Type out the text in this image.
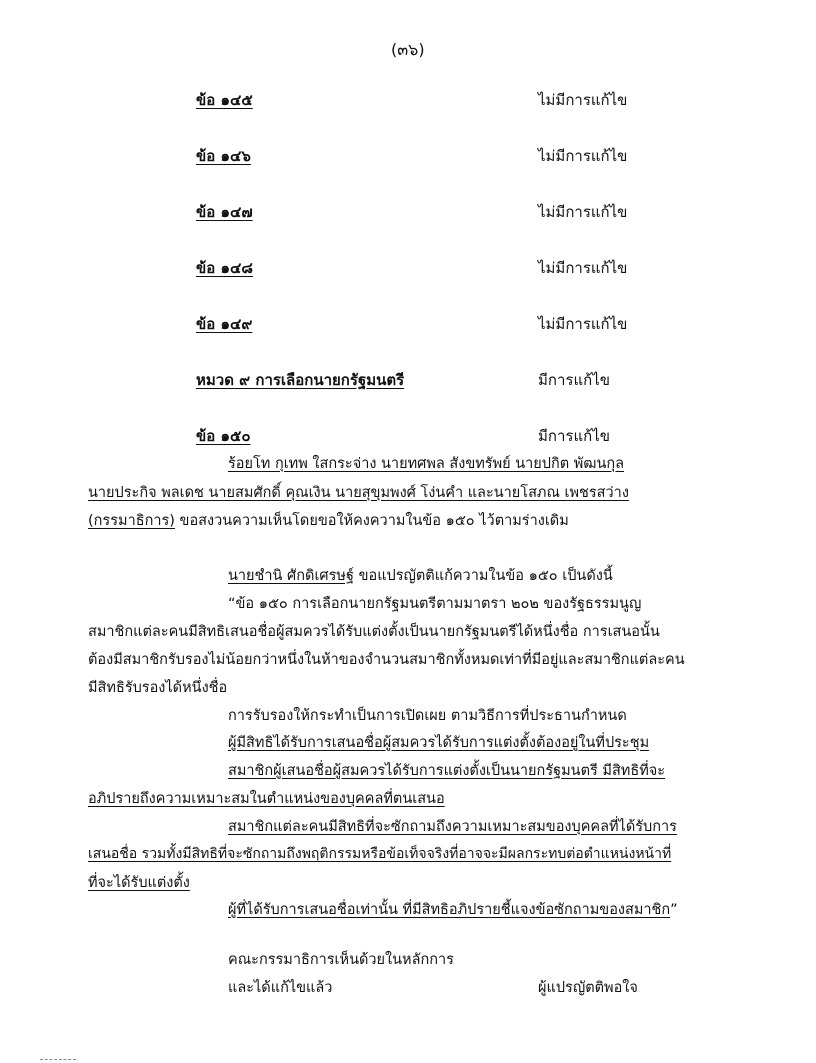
(๓๖)
ข้อ ๑๔๕	ไม่มีการแก้ไข
ข้อ ๑๔๖	ไม่มีการแก้ไข
ข้อ ๑๔๗	ไม่มีการแก้ไข
ข้อ ๑๔๘	ไม่มีการแก้ไข
ข้อ ๑๔๙	ไม่มีการแก้ไข
หมวด ๙ การเลือกนายกรัฐมนตรี	มีการแก้ไข
ข้อ ๑๕๐	มีการแก้ไข
ร้อยโท กุเทพ ใสกระจ่าง นายทศพล สังขทรัพย์ นายปกิต พัฒนกุล
นายประกิจ พลเดช นายสมศักดิ์ คุณเงิน นายสุขุมพงศ์ โง่นคำ และนายโสภณ เพชรสว่าง
(กรรมาธิการ) ขอสงวนความเห็นโดยขอให้คงความในข้อ ๑๕๐ ไว้ตามร่างเดิม
นายชำนิ ศักดิเศรษฐ์ ขอแปรญัตติแก้ความในข้อ ๑๕๐ เป็นดังนี้
“ข้อ ๑๕๐ การเลือกนายกรัฐมนตรีตามมาตรา ๒๐๒ ของรัฐธรรมนูญ
สมาชิกแต่ละคนมีสิทธิเสนอชื่อผู้สมควรได้รับแต่งตั้งเป็นนายกรัฐมนตรีได้หนึ่งชื่อ การเสนอนั้น
ต้องมีสมาชิกรับรองไม่น้อยกว่าหนึ่งในห้าของจำนวนสมาชิกทั้งหมดเท่าที่มีอยู่และสมาชิกแต่ละคน
มีสิทธิรับรองได้หนึ่งชื่อ
การรับรองให้กระทำเป็นการเปิดเผย ตามวิธีการที่ประธานกำหนด
ผู้มีสิทธิได้รับการเสนอชื่อผู้สมควรได้รับการแต่งตั้งต้องอยู่ในที่ประชุม
สมาชิกผู้เสนอชื่อผู้สมควรได้รับการแต่งตั้งเป็นนายกรัฐมนตรี มีสิทธิที่จะ
อภิปรายถึงความเหมาะสมในตำแหน่งของบุคคลที่ตนเสนอ
สมาชิกแต่ละคนมีสิทธิที่จะซักถามถึงความเหมาะสมของบุคคลที่ได้รับการ
เสนอชื่อ รวมทั้งมีสิทธิที่จะซักถามถึงพฤติกรรมหรือข้อเท็จจริงที่อาจจะมีผลกระทบต่อตำแหน่งหน้าที่
ที่จะได้รับแต่งตั้ง
ผู้ที่ได้รับการเสนอชื่อเท่านั้น ที่มีสิทธิอภิปรายชี้แจงข้อซักถามของสมาชิก”
คณะกรรมาธิการเห็นด้วยในหลักการ
และได้แก้ไขแล้ว	ผู้แปรญัตติพอใจ
